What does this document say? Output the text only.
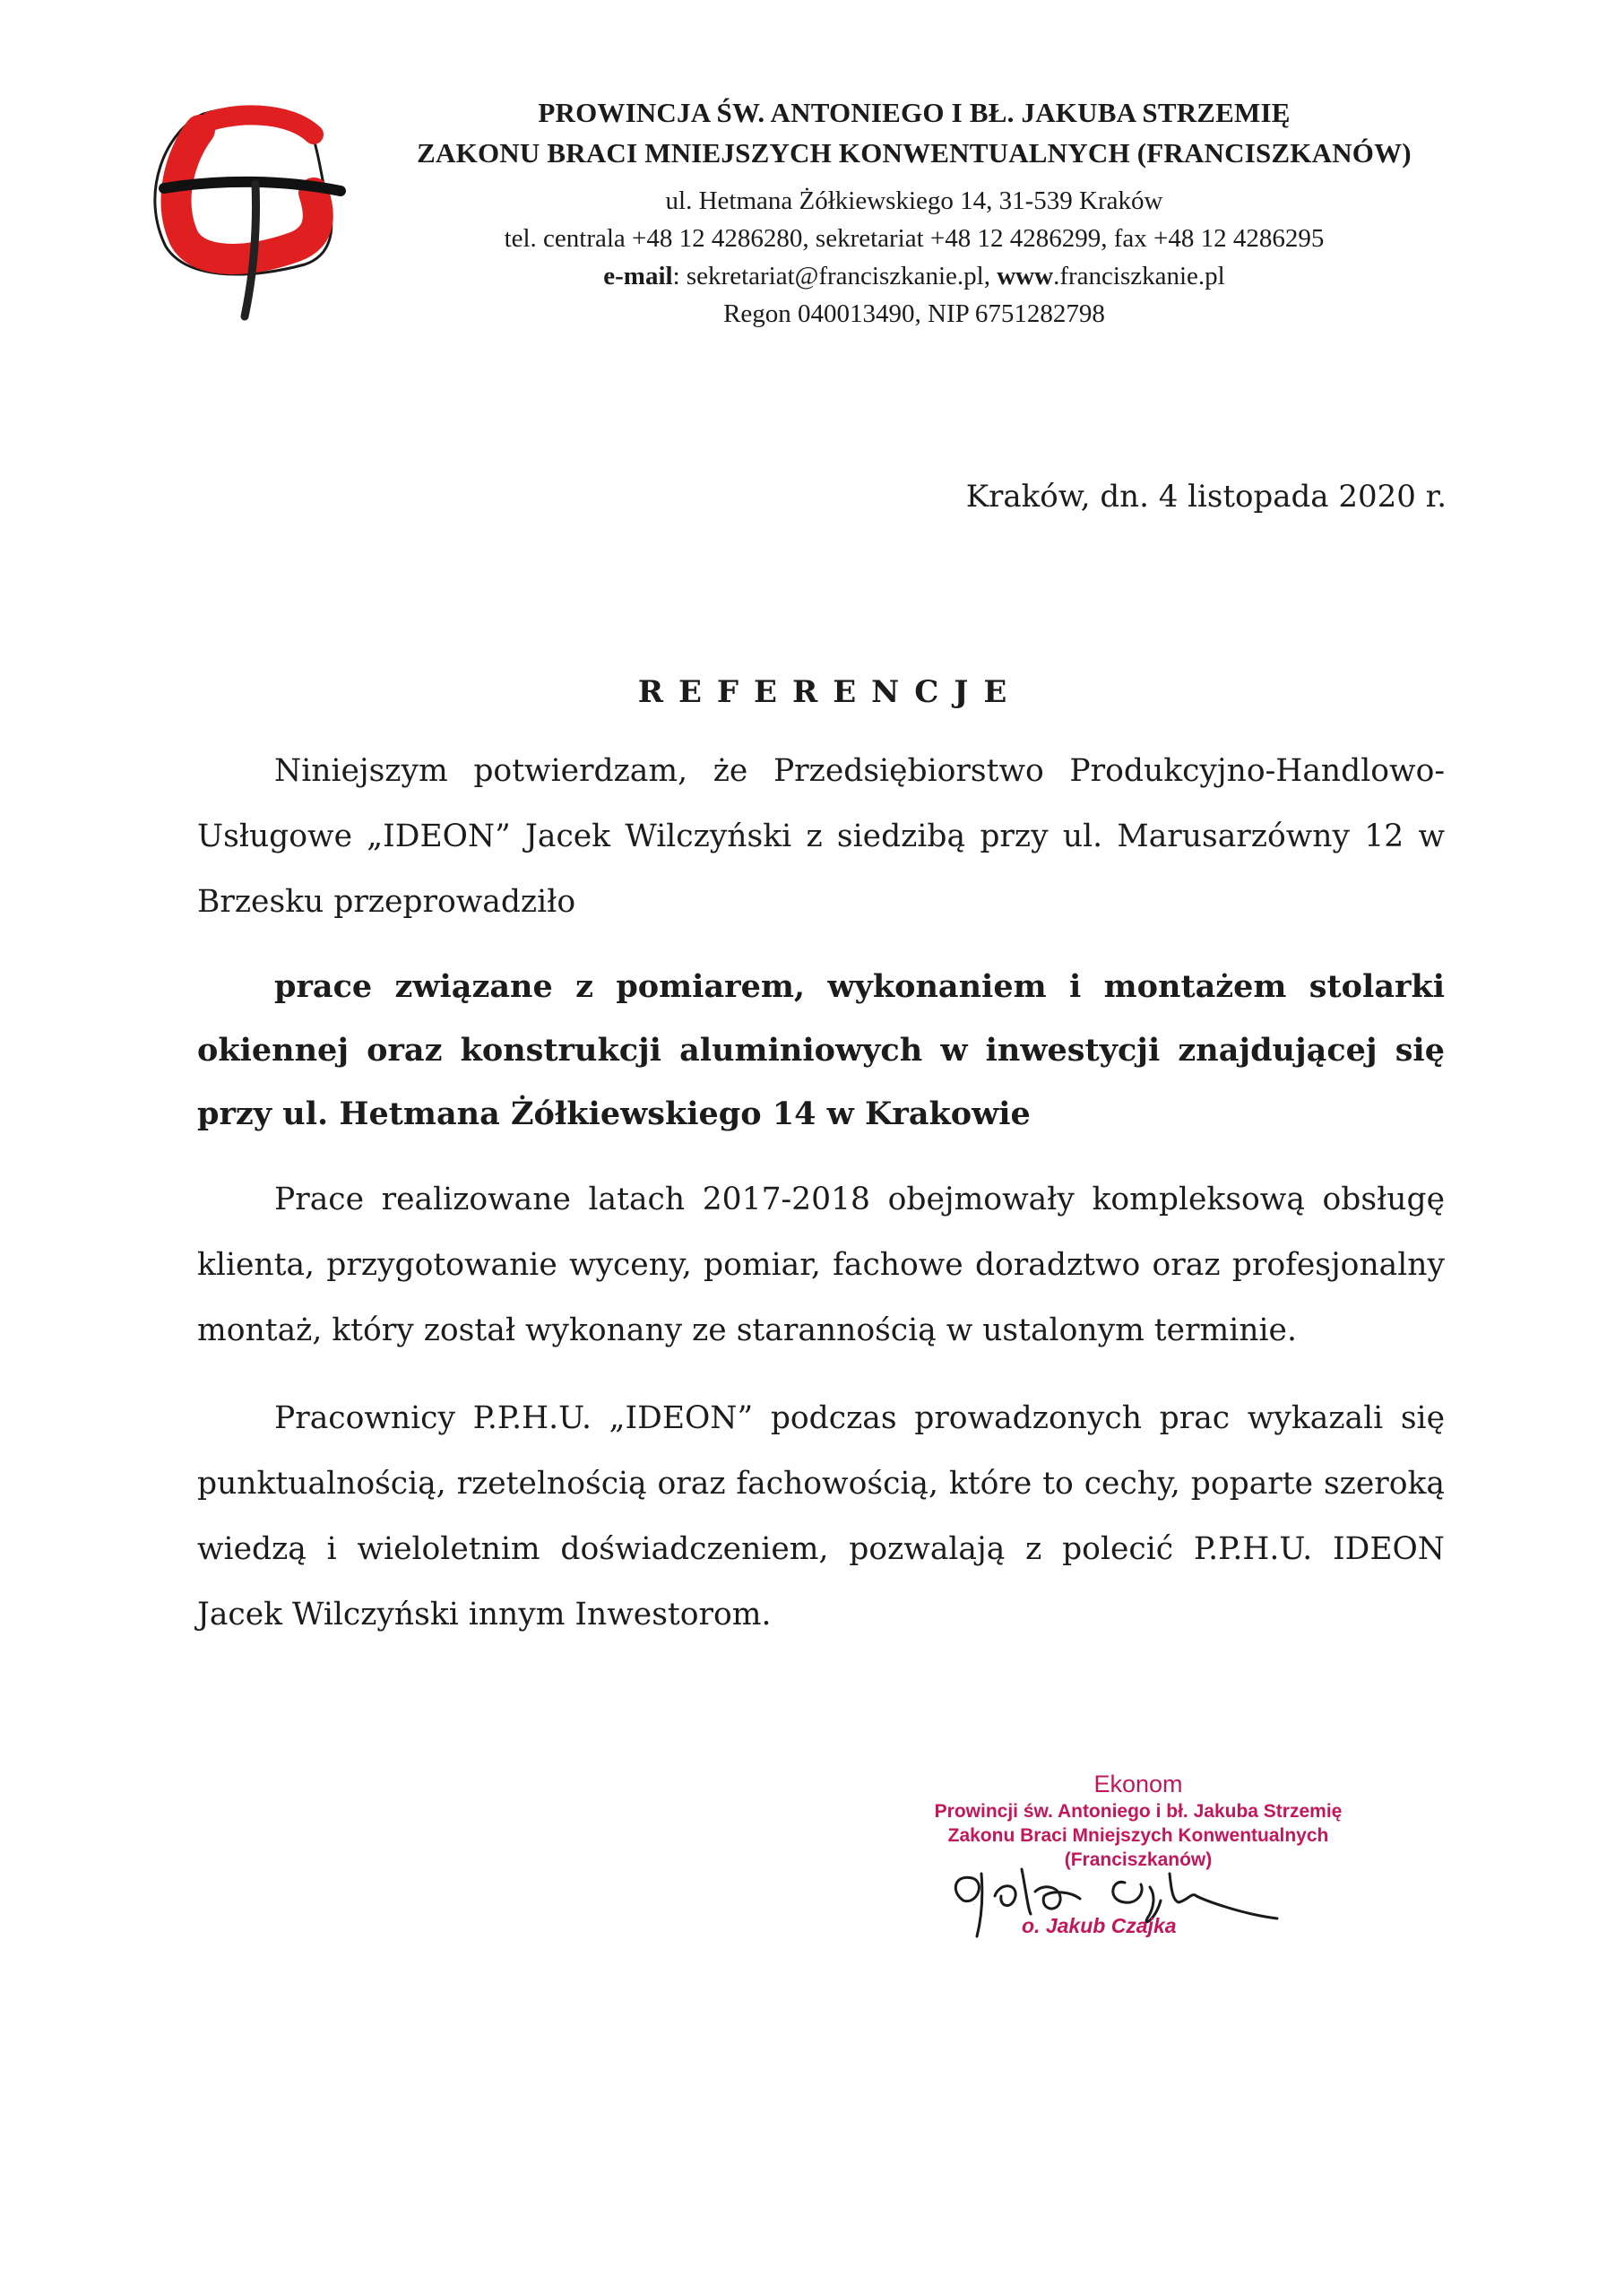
PROWINCJA ŚW. ANTONIEGO I BŁ. JAKUBA STRZEMIĘ
ZAKONU BRACI MNIEJSZYCH KONWENTUALNYCH (FRANCISZKANÓW)
ul. Hetmana Żółkiewskiego 14, 31-539 Kraków
tel. centrala +48 12 4286280, sekretariat +48 12 4286299, fax +48 12 4286295
e-mail: sekretariat@franciszkanie.pl, www.franciszkanie.pl
Regon 040013490, NIP 6751282798
Kraków, dn. 4 listopada 2020 r.
REFERENCJE
Niniejszym potwierdzam, że Przedsiębiorstwo Produkcyjno-Handlowo-Usługowe „IDEON” Jacek Wilczyński z siedzibą przy ul. Marusarzówny 12 w Brzesku przeprowadziło
prace związane z pomiarem, wykonaniem i montażem stolarki okiennej oraz konstrukcji aluminiowych w inwestycji znajdującej się przy ul. Hetmana Żółkiewskiego 14 w Krakowie
Prace realizowane latach 2017-2018 obejmowały kompleksową obsługę klienta, przygotowanie wyceny, pomiar, fachowe doradztwo oraz profesjonalny montaż, który został wykonany ze starannością w ustalonym terminie.
Pracownicy P.P.H.U. „IDEON” podczas prowadzonych prac wykazali się punktualnością, rzetelnością oraz fachowością, które to cechy, poparte szeroką wiedzą i wieloletnim doświadczeniem, pozwalają z polecić P.P.H.U. IDEON Jacek Wilczyński innym Inwestorom.
Ekonom
Prowincji św. Antoniego i bł. Jakuba Strzemię
Zakonu Braci Mniejszych Konwentualnych
(Franciszkanów)
o. Jakub Czajka
